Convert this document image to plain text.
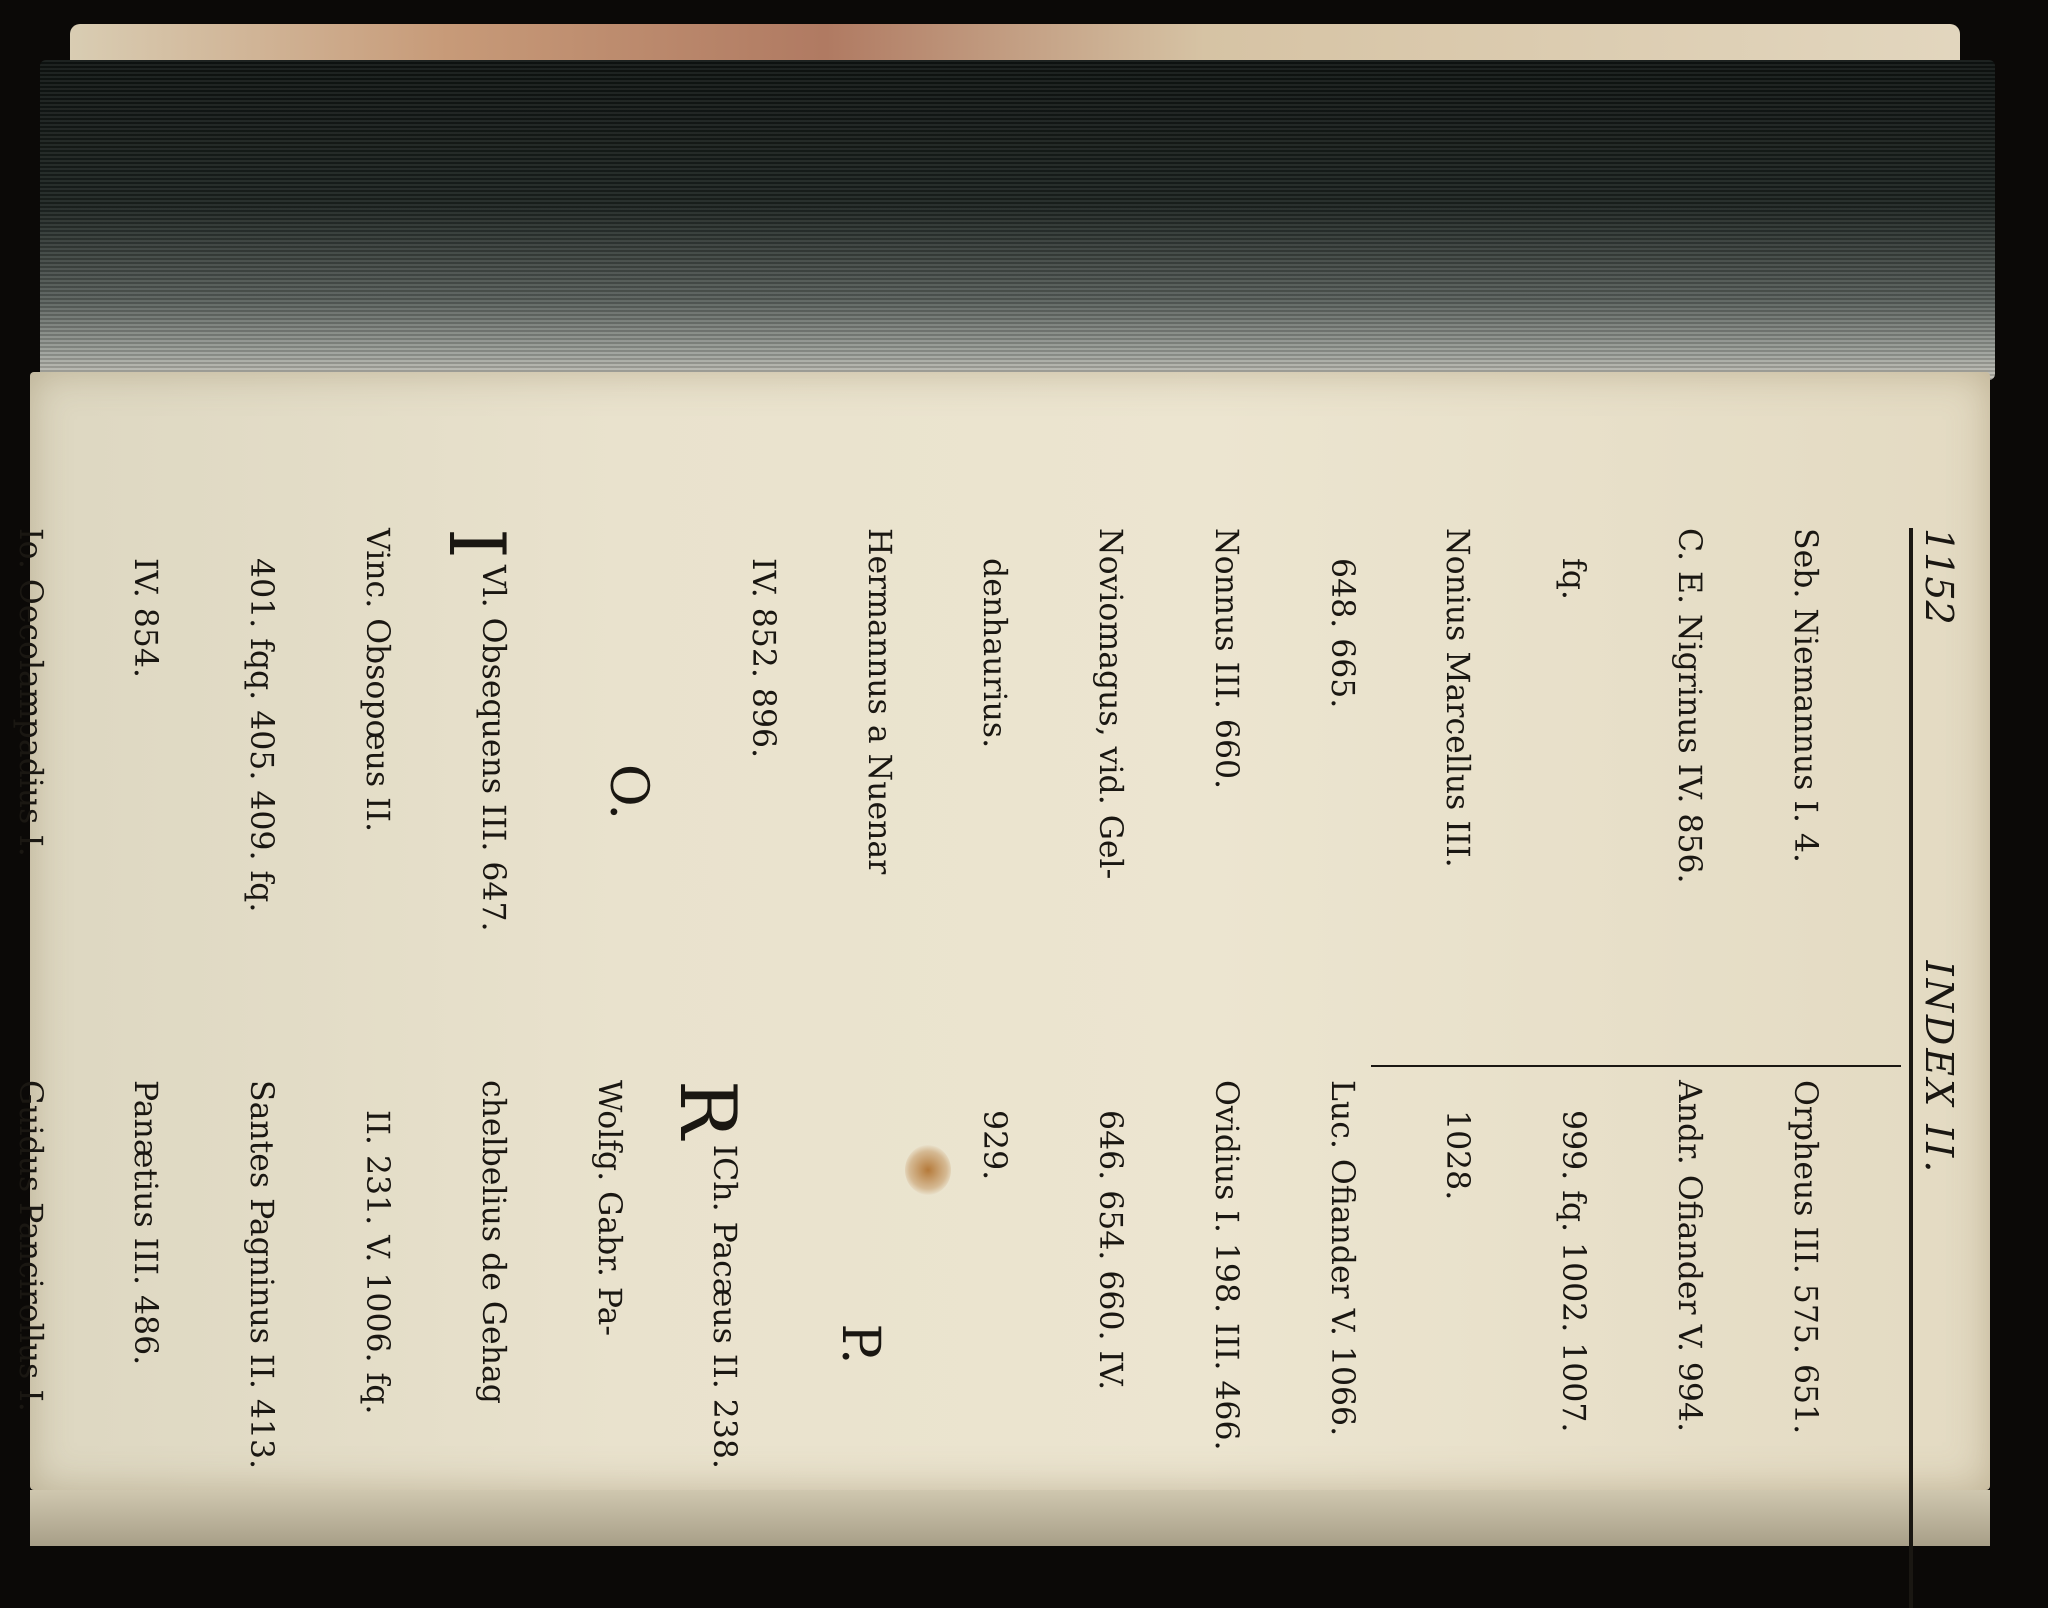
1152
INDEX II.

Seb. Niemannus I. 4.

C. E. Nigrinus IV. 856.

fq.

Nonius Marcellus III.

648. 665.

Nonnus III. 660.

Noviomagus, vid. Gel-

denhaurius.

Hermannus a Nuenar

IV. 852. 896.

O.

I
Vl. Obsequens III. 647.

Vinc. Obsopœus II.

401. fqq. 405. 409. fq.

IV. 854.

Io. Oecolampadius I.

Orpheus III. 575. 651.

Andr. Ofiander V. 994.

999. fq. 1002. 1007.

1028.

Luc. Ofiander V. 1066.

Ovidius I. 198. III. 466.

646. 654. 660. IV.

929.

P.

R
ICh. Pacæus II. 238.

Wolfg. Gabr. Pa-

chelbelius de Gehag

II. 231. V. 1006. fq.

Santes Pagninus II. 413.

Panætius III. 486.

Guidus Pancirollus I.
